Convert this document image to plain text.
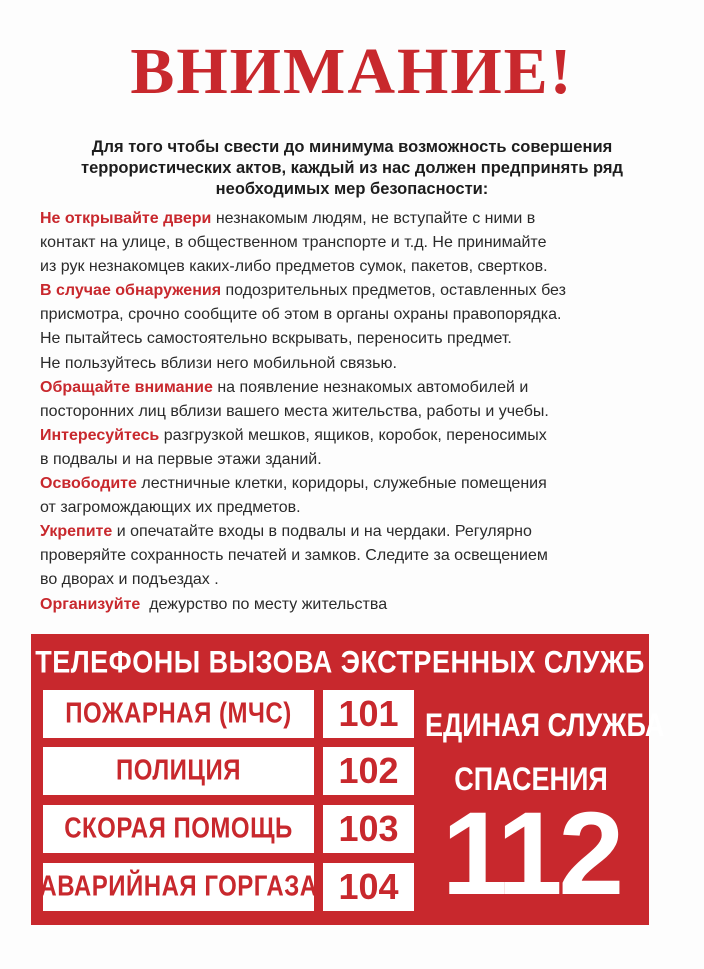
ВНИМАНИЕ!
Для того чтобы свести до минимума возможность совершения
террористических актов, каждый из нас должен предпринять ряд
необходимых мер безопасности:
Не открывайте двери незнакомым людям, не вступайте с ними в
контакт на улице, в общественном транспорте и т.д. Не принимайте
из рук незнакомцев каких-либо предметов сумок, пакетов, свертков.
В случае обнаружения подозрительных предметов, оставленных без
присмотра, срочно сообщите об этом в органы охраны правопорядка.
Не пытайтесь самостоятельно вскрывать, переносить предмет.
Не пользуйтесь вблизи него мобильной связью.
Обращайте внимание на появление незнакомых автомобилей и
посторонних лиц вблизи вашего места жительства, работы и учебы.
Интересуйтесь разгрузкой мешков, ящиков, коробок, переносимых
в подвалы и на первые этажи зданий.
Освободите лестничные клетки, коридоры, служебные помещения
от загромождающих их предметов.
Укрепите и опечатайте входы в подвалы и на чердаки. Регулярно
проверяйте сохранность печатей и замков. Следите за освещением
во дворах и подъездах .
Организуйте  дежурство по месту жительства
ТЕЛЕФОНЫ ВЫЗОВА ЭКСТРЕННЫХ СЛУЖБ
ПОЖАРНАЯ (МЧС)	101
ПОЛИЦИЯ	102
СКОРАЯ ПОМОЩЬ	103
АВАРИЙНАЯ ГОРГАЗА 104
ЕДИНАЯ СЛУЖБА
СПАСЕНИЯ
112
